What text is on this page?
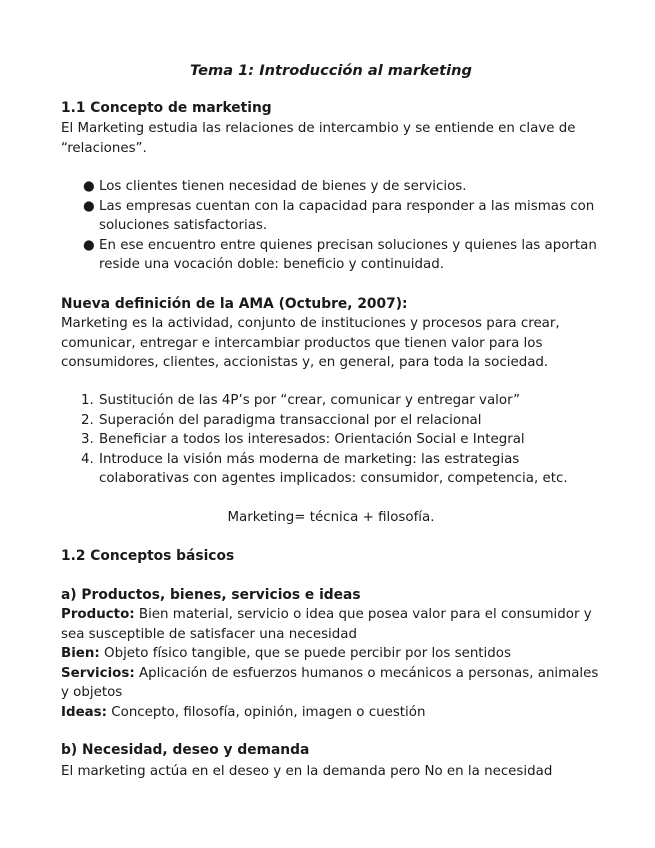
Tema 1: Introducción al marketing
1.1 Concepto de marketing

El Marketing estudia las relaciones de intercambio y se entiende en clave de “relaciones”.

● Los clientes tienen necesidad de bienes y de servicios.
● Las empresas cuentan con la capacidad para responder a las mismas con soluciones satisfactorias.
● En ese encuentro entre quienes precisan soluciones y quienes las aportan reside una vocación doble: beneficio y continuidad.
Nueva definición de la AMA (Octubre, 2007):

Marketing es la actividad, conjunto de instituciones y procesos para crear, comunicar, entregar e intercambiar productos que tienen valor para los consumidores, clientes, accionistas y, en general, para toda la sociedad.

1. Sustitución de las 4P’s por “crear, comunicar y entregar valor”
2. Superación del paradigma transaccional por el relacional
3. Beneficiar a todos los interesados: Orientación Social e Integral
4. Introduce la visión más moderna de marketing: las estrategias colaborativas con agentes implicados: consumidor, competencia, etc.

Marketing= técnica + filosofía.

1.2 Conceptos básicos
a) Productos, bienes, servicios e ideas

Producto: Bien material, servicio o idea que posea valor para el consumidor y sea susceptible de satisfacer una necesidad

Bien: Objeto físico tangible, que se puede percibir por los sentidos

Servicios: Aplicación de esfuerzos humanos o mecánicos a personas, animales y objetos

Ideas: Concepto, filosofía, opinión, imagen o cuestión

b) Necesidad, deseo y demanda

El marketing actúa en el deseo y en la demanda pero No en la necesidad
